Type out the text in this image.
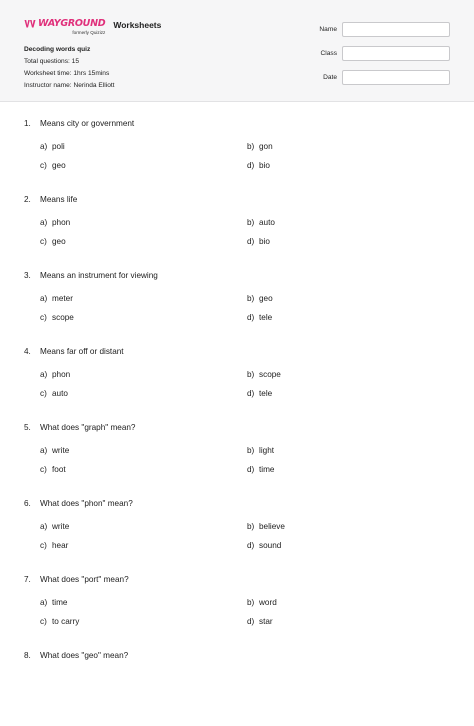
WAYGROUND
formerly Quizizz
Worksheets
Decoding words quiz
Total questions: 15
Worksheet time: 1hrs 15mins
Instructor name: Nerinda Elliott
Name
Class
Date
1.	Means city or government
a) poli	b) gon
c) geo	d) bio
2.	Means life
a) phon	b) auto
c) geo	d) bio
3.	Means an instrument for viewing
a) meter	b) geo
c) scope	d) tele
4.	Means far off or distant
a) phon	b) scope
c) auto	d) tele
5.	What does "graph" mean?
a) write	b) light
c) foot	d) time
6.	What does "phon" mean?
a) write	b) believe
c) hear	d) sound
7.	What does "port" mean?
a) time	b) word
c) to carry	d) star
8.	What does "geo" mean?
